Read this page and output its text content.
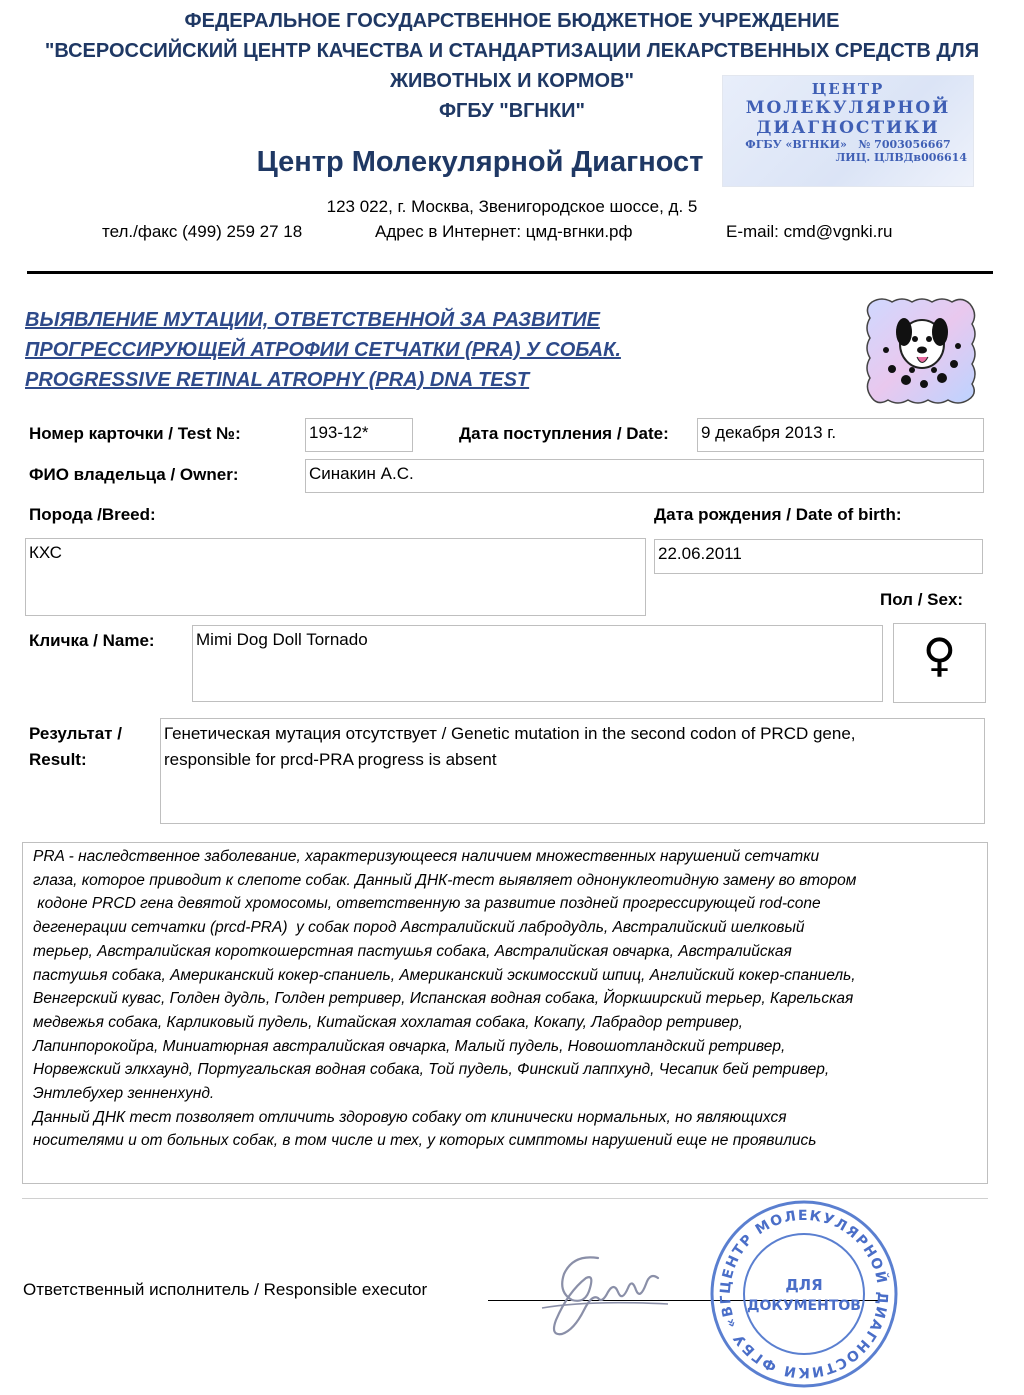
ФЕДЕРАЛЬНОЕ ГОСУДАРСТВЕННОЕ БЮДЖЕТНОЕ УЧРЕЖДЕНИЕ
"ВСЕРОССИЙСКИЙ ЦЕНТР КАЧЕСТВА И СТАНДАРТИЗАЦИИ ЛЕКАРСТВЕННЫХ СРЕДСТВ ДЛЯ
ЖИВОТНЫХ И КОРМОВ"
ФГБУ "ВГНКИ"
ЦЕНТР
МОЛЕКУЛЯРНОЙ
ДИАГНОСТИКИ
ФГБУ «ВГНКИ» № 7003056667
ЛИЦ. ЦЛВДв006614
Центр Молекулярной Диагност
123 022, г. Москва, Звенигородское шоссе, д. 5
тел./факс (499) 259 27 18	Адрес в Интернет: цмд-вгнки.рф	E-mail: cmd@vgnki.ru
ВЫЯВЛЕНИЕ МУТАЦИИ, ОТВЕТСТВЕННОЙ ЗА РАЗВИТИЕ
ПРОГРЕССИРУЮЩЕЙ АТРОФИИ СЕТЧАТКИ (PRA) У СОБАК.
PROGRESSIVE RETINAL ATROPHY (PRA) DNA TEST
Номер карточки / Test №:	193-12*	Дата поступления / Date: 9 декабря 2013 г.
ФИО владельца / Owner:	Синакин А.С.
Порода /Breed:	Дата рождения / Date of birth:
КХС	22.06.2011
Пол / Sex:
Кличка / Name: Mimi Dog Doll Tornado	♀
Результат /
Result:
Генетическая мутация отсутствует / Genetic mutation in the second codon of PRCD gene,
responsible for prcd-PRA progress is absent
PRA - наследственное заболевание, характеризующееся наличием множественных нарушений сетчатки
глаза, которое приводит к слепоте собак. Данный ДНК-тест выявляет однонуклеотидную замену во втором
кодоне PRCD гена девятой хромосомы, ответственную за развитие поздней прогрессирующей rod-cone
дегенерации сетчатки (prcd-PRA)  у собак пород Австралийский лабродудль, Австралийский шелковый
терьер, Австралийская короткошерстная пастушья собака, Австралийская овчарка, Австралийская
пастушья собака, Американский кокер-спаниель, Американский эскимосский шпиц, Английский кокер-спаниель,
Венгерский кувас, Голден дудль, Голден ретривер, Испанская водная собака, Йоркширский терьер, Карельская
медвежья собака, Карликовый пудель, Китайская хохлатая собака, Кокапу, Лабрадор ретривер,
Лапинпорокойра, Миниатюрная австралийская овчарка, Малый пудель, Новошотландский ретривер,
Норвежский элкхаунд, Португальская водная собака, Той пудель, Финский лаппхунд, Чесапик бей ретривер,
Энтлебухер зенненхунд.
Данный ДНК тест позволяет отличить здоровую собаку от клинически нормальных, но являющихся
носителями и от больных собак, в том числе и тех, у которых симптомы нарушений еще не проявились
Ответственный исполнитель / Responsible executor	ЦЕНТР МОЛЕКУЛЯРНОЙ ДИАГНОСТИКИ ФГБУ «ВГ
ДЛЯ
ДОКУМЕНТОВ
